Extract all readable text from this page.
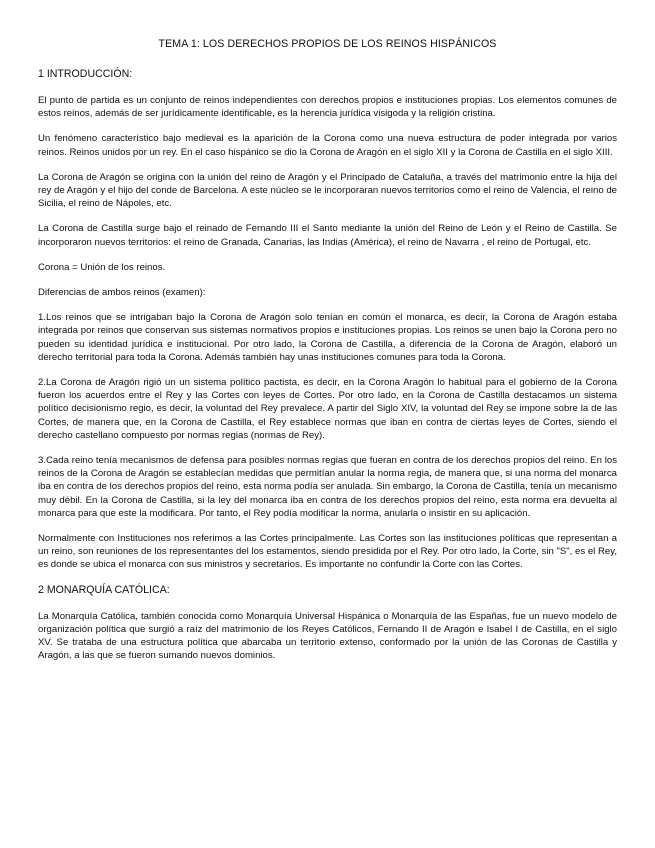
TEMA 1: LOS DERECHOS PROPIOS DE LOS REINOS HISPÁNICOS
1 INTRODUCCIÓN:

El punto de partida es un conjunto de reinos independientes con derechos propios e instituciones propias. Los elementos comunes de estos reinos, además de ser jurídicamente identificable, es la herencia jurídica visigoda y la religión cristina.

Un fenómeno característico bajo medieval es la aparición de la Corona como una nueva estructura de poder integrada por varios reinos. Reinos unidos por un rey. En el caso hispánico se dio la Corona de Aragón en el siglo XII y la Corona de Castilla en el siglo XIII.

La Corona de Aragón se origina con la unión del reino de Aragón y el Principado de Cataluña, a través del matrimonio entre la hija del rey de Aragón y el hijo del conde de Barcelona. A este núcleo se le incorporaran nuevos territorios como el reino de Valencia, el reino de Sicilia, el reino de Nápoles, etc.

La Corona de Castilla surge bajo el reinado de Fernando III el Santo mediante la unión del Reino de León y el Reino de Castilla. Se incorporaron nuevos territorios: el reino de Granada, Canarias, las Indias (América), el reino de Navarra , el reino de Portugal, etc.

Corona = Unión de los reinos.

Diferencias de ambos reinos (examen):

1.Los reinos que se intrigaban bajo la Corona de Aragón solo tenían en común el monarca, es decir, la Corona de Aragón estaba integrada por reinos que conservan sus sistemas normativos propios e instituciones propias. Los reinos se unen bajo la Corona pero no pueden su identidad jurídica e institucional. Por otro lado, la Corona de Castilla, a diferencia de la Corona de Aragón, elaboró un derecho territorial para toda la Corona. Además también hay unas instituciones comunes para toda la Corona.

2.La Corona de Aragón rigió un un sistema político pactista, es decir, en la Corona Aragón lo habitual para el gobierno de la Corona fueron los acuerdos entre el Rey y las Cortes con leyes de Cortes. Por otro lado, en la Corona de Castilla destacamos un sistema político decisionismo regio, es decir, la voluntad del Rey prevalece. A partir del Siglo XIV, la voluntad del Rey se impone sobre la de las Cortes, de manera que, en la Corona de Castilla, el Rey establece normas que iban en contra de ciertas leyes de Cortes, siendo el derecho castellano compuesto por normas regias (normas de Rey).

3.Cada reino tenía mecanismos de defensa para posibles normas regias que fueran en contra de los derechos propios del reino. En los reinos de la Corona de Aragón se establecían medidas que permitían anular la norma regia, de manera que, si una norma del monarca iba en contra de los derechos propios del reino, esta norma podía ser anulada. Sin embargo, la Corona de Castilla, tenía un mecanismo muy débil. En la Corona de Castilla, si la ley del monarca iba en contra de los derechos propios del reino, esta norma era devuelta al monarca para que este la modificara. Por tanto, el Rey podía modificar la norma, anularla o insistir en su aplicación.

Normalmente con Instituciones nos referimos a las Cortes principalmente. Las Cortes son las instituciones políticas que representan a un reino, son reuniones de los representantes del los estamentos, siendo presidida por el Rey. Por otro lado, la Corte, sin "S", es el Rey, es donde se ubica el monarca con sus ministros y secretarios. Es importante no confundir la Corte con las Cortes.

2 MONARQUÍA CATÓLICA:

La Monarquía Católica, también conocida como Monarquía Universal Hispánica o Monarquía de las Españas, fue un nuevo modelo de organización política que surgió a raíz del matrimonio de los Reyes Católicos, Fernando II de Aragón e Isabel I de Castilla, en el siglo XV. Se trataba de una estructura política que abarcaba un territorio extenso, conformado por la unión de las Coronas de Castilla y Aragón, a las que se fueron sumando nuevos dominios.
